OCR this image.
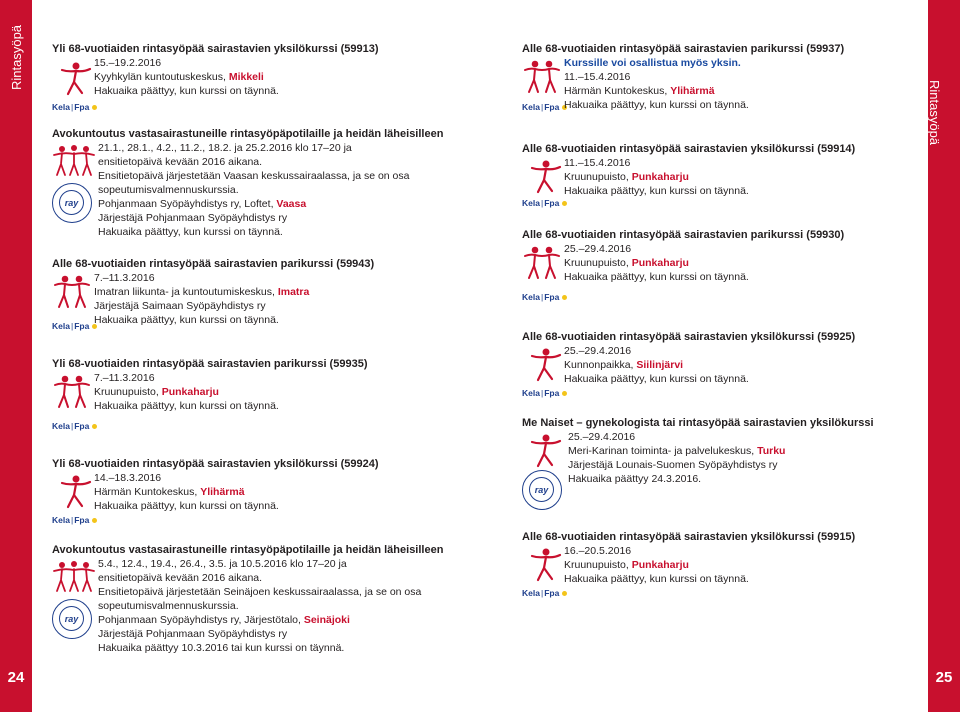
Rintasyöpä
24
Rintasyöpä
25
Yli 68-vuotiaiden rintasyöpää sairastavien yksilökurssi (59913)
Kela | Fpa
15.–19.2.2016
Kyyhkylän kuntoutuskeskus, Mikkeli
Hakuaika päättyy, kun kurssi on täynnä.
Avokuntoutus vastasairastuneille rintasyöpäpotilaille ja heidän läheisilleen
ray
21.1., 28.1., 4.2., 11.2., 18.2. ja 25.2.2016 klo 17–20 ja
ensitietopäivä kevään 2016 aikana.
Ensitietopäivä järjestetään Vaasan keskussairaalassa, ja se on osa
sopeutumisvalmennuskurssia.
Pohjanmaan Syöpäyhdistys ry, Loftet, Vaasa
Järjestäjä Pohjanmaan Syöpäyhdistys ry
Hakuaika päättyy, kun kurssi on täynnä.
Alle 68-vuotiaiden rintasyöpää sairastavien parikurssi (59943)
Kela | Fpa
7.–11.3.2016
Imatran liikunta- ja kuntoutumiskeskus, Imatra
Järjestäjä Saimaan Syöpäyhdistys ry
Hakuaika päättyy, kun kurssi on täynnä.
Yli 68-vuotiaiden rintasyöpää sairastavien parikurssi (59935)
Kela | Fpa
7.–11.3.2016
Kruunupuisto, Punkaharju
Hakuaika päättyy, kun kurssi on täynnä.
Yli 68-vuotiaiden rintasyöpää sairastavien yksilökurssi (59924)
Kela | Fpa
14.–18.3.2016
Härmän Kuntokeskus, Ylihärmä
Hakuaika päättyy, kun kurssi on täynnä.
Avokuntoutus vastasairastuneille rintasyöpäpotilaille ja heidän läheisilleen
ray
5.4., 12.4., 19.4., 26.4., 3.5. ja 10.5.2016 klo 17–20 ja
ensitietopäivä kevään 2016 aikana.
Ensitietopäivä järjestetään Seinäjoen keskussairaalassa, ja se on osa
sopeutumisvalmennuskurssia.
Pohjanmaan Syöpäyhdistys ry, Järjestötalo, Seinäjoki
Järjestäjä Pohjanmaan Syöpäyhdistys ry
Hakuaika päättyy 10.3.2016 tai kun kurssi on täynnä.
Alle 68-vuotiaiden rintasyöpää sairastavien parikurssi (59937)
Kela | Fpa
Kurssille voi osallistua myös yksin.
11.–15.4.2016
Härmän Kuntokeskus, Ylihärmä
Hakuaika päättyy, kun kurssi on täynnä.
Alle 68-vuotiaiden rintasyöpää sairastavien yksilökurssi (59914)
Kela | Fpa
11.–15.4.2016
Kruunupuisto, Punkaharju
Hakuaika päättyy, kun kurssi on täynnä.
Alle 68-vuotiaiden rintasyöpää sairastavien parikurssi (59930)
Kela | Fpa
25.–29.4.2016
Kruunupuisto, Punkaharju
Hakuaika päättyy, kun kurssi on täynnä.
Alle 68-vuotiaiden rintasyöpää sairastavien yksilökurssi (59925)
Kela | Fpa
25.–29.4.2016
Kunnonpaikka, Siilinjärvi
Hakuaika päättyy, kun kurssi on täynnä.
Me Naiset – gynekologista tai rintasyöpää sairastavien yksilökurssi
ray
25.–29.4.2016
Meri-Karinan toiminta- ja palvelukeskus, Turku
Järjestäjä Lounais-Suomen Syöpäyhdistys ry
Hakuaika päättyy 24.3.2016.
Alle 68-vuotiaiden rintasyöpää sairastavien yksilökurssi (59915)
Kela | Fpa
16.–20.5.2016
Kruunupuisto, Punkaharju
Hakuaika päättyy, kun kurssi on täynnä.
